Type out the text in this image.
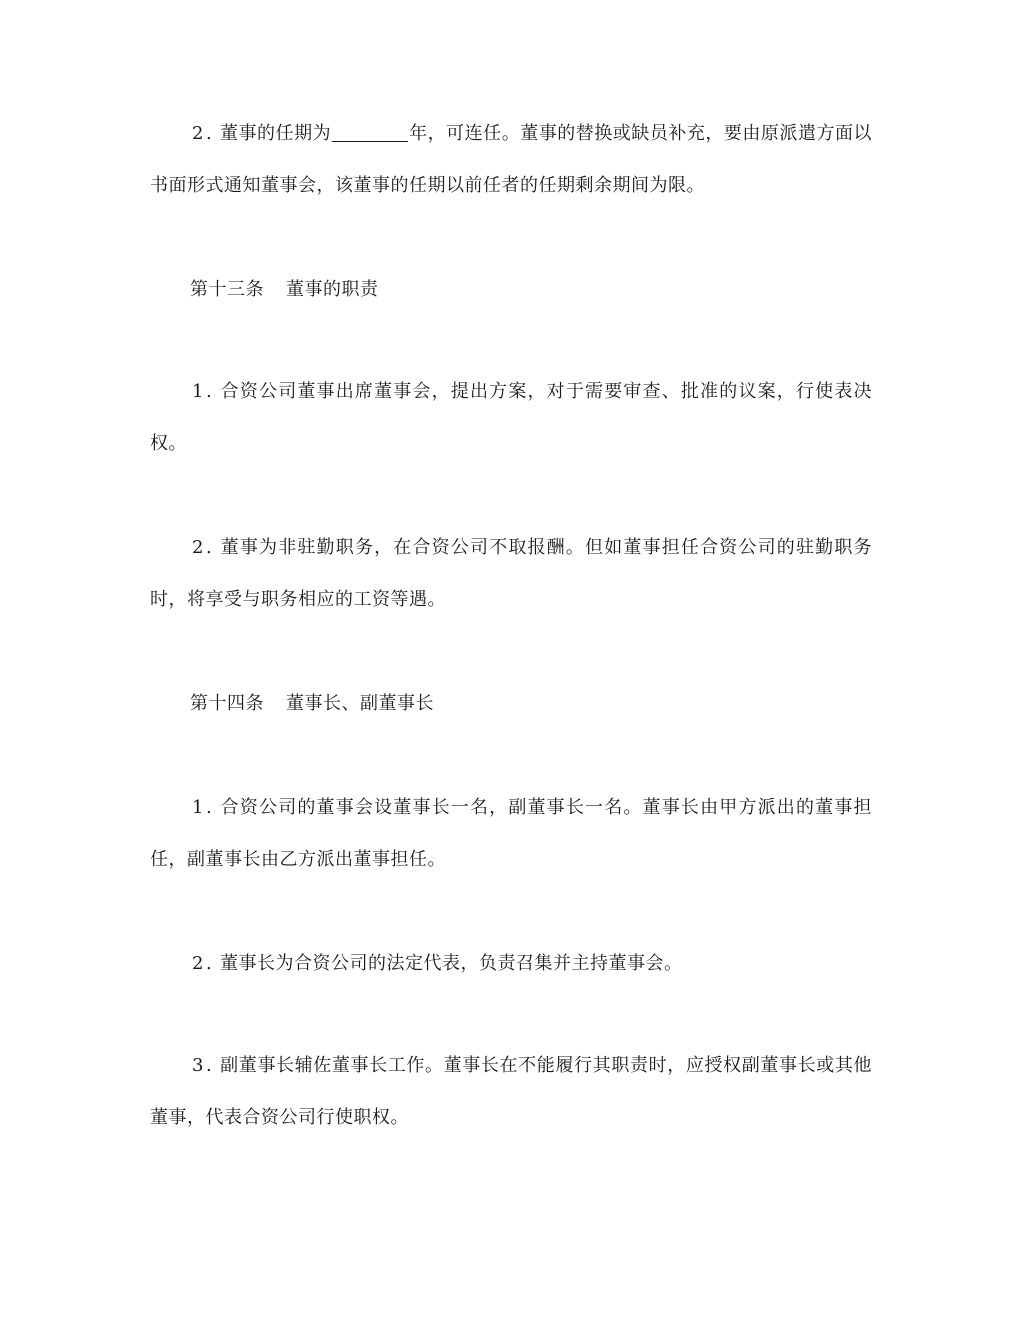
2 . 董事的任期为	年，可连任。董事的替换或缺员补充，要由原派遣方面以书面形式通知董事会，该董事的任期以前任者的任期剩余期间为限。

第十三条 董事的职责

1 . 合资公司董事出席董事会，提出方案，对于需要审查、批准的议案，行使表决权。

2 . 董事为非驻勤职务，在合资公司不取报酬。但如董事担任合资公司的驻勤职务时，将享受与职务相应的工资等遇。

第十四条 董事长、副董事长

1 . 合资公司的董事会设董事长一名，副董事长一名。董事长由甲方派出的董事担任，副董事长由乙方派出董事担任。

2 . 董事长为合资公司的法定代表，负责召集并主持董事会。

3 . 副董事长辅佐董事长工作。董事长在不能履行其职责时，应授权副董事长或其他董事，代表合资公司行使职权。
